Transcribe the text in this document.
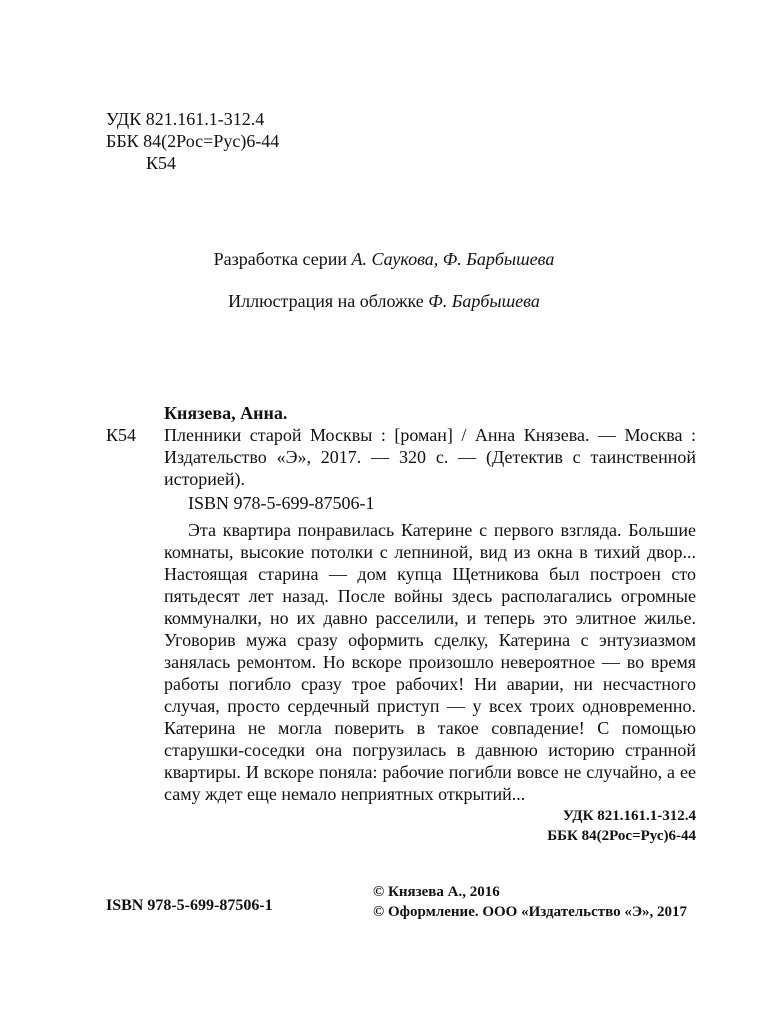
УДК 821.161.1-312.4
ББК 84(2Рос=Рус)6-44
К54
Разработка серии А. Саукова, Ф. Барбышева
Иллюстрация на обложке Ф. Барбышева
Князева, Анна.
К54 Пленники старой Москвы : [роман] / Анна Князева. — Москва : Издательство «Э», 2017. — 320 с. — (Детектив с таинственной историей).
ISBN 978-5-699-87506-1
Эта квартира понравилась Катерине с первого взгляда. Большие комнаты, высокие потолки с лепниной, вид из окна в тихий двор... Настоящая старина — дом купца Щетникова был построен сто пятьдесят лет назад. После войны здесь располагались огромные коммуналки, но их давно расселили, и теперь это элитное жилье. Уговорив мужа сразу оформить сделку, Катерина с энтузиазмом занялась ремонтом. Но вскоре произошло невероятное — во время работы погибло сразу трое рабочих! Ни аварии, ни несчастного случая, просто сердечный приступ — у всех троих одновременно. Катерина не могла поверить в такое совпадение! С помощью старушки-соседки она погрузилась в давнюю историю странной квартиры. И вскоре поняла: рабочие погибли вовсе не случайно, а ее саму ждет еще немало неприятных открытий...
УДК 821.161.1-312.4
ББК 84(2Рос=Рус)6-44
ISBN 978-5-699-87506-1
© Князева А., 2016
© Оформление. ООО «Издательство «Э», 2017
